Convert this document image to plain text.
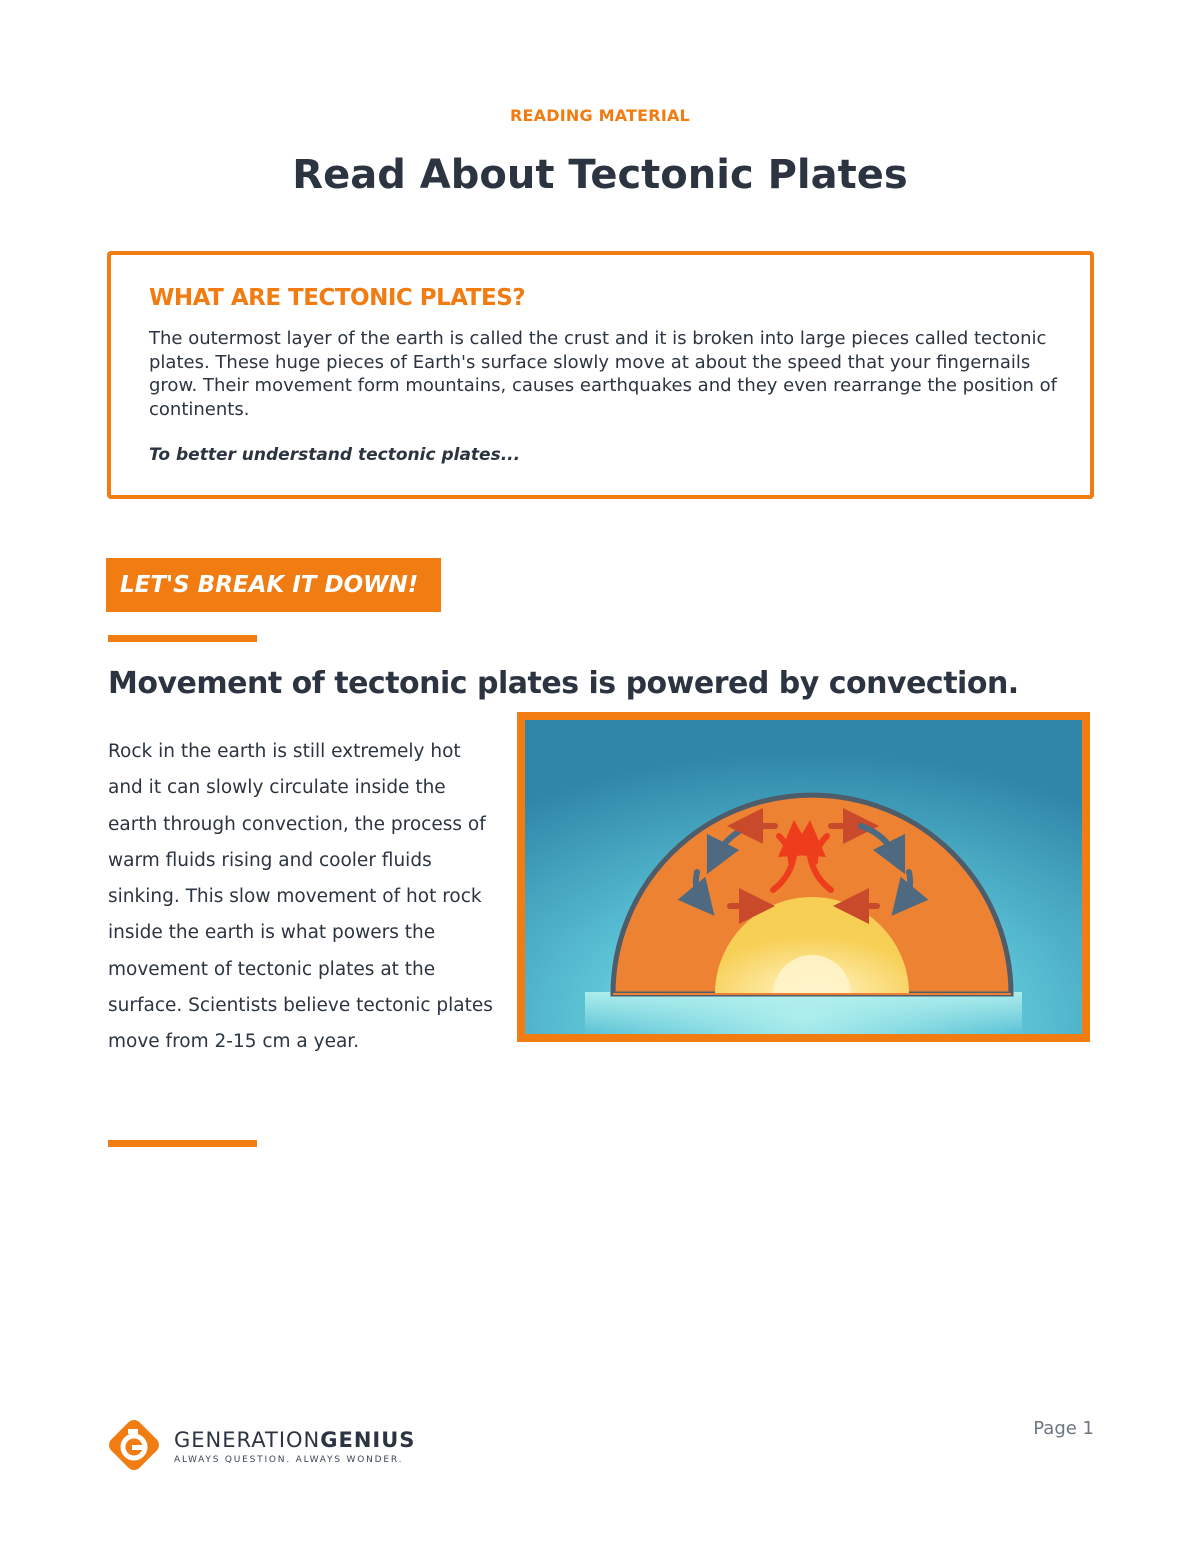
READING MATERIAL
Read About Tectonic Plates
WHAT ARE TECTONIC PLATES?

The outermost layer of the earth is called the crust and it is broken into large pieces called tectonic plates. These huge pieces of Earth's surface slowly move at about the speed that your fingernails grow. Their movement form mountains, causes earthquakes and they even rearrange the position of continents.

To better understand tectonic plates...

LET'S BREAK IT DOWN!
Movement of tectonic plates is powered by convection.

Rock in the earth is still extremely hot and it can slowly circulate inside the earth through convection, the process of warm fluids rising and cooler fluids sinking. This slow movement of hot rock inside the earth is what powers the movement of tectonic plates at the surface. Scientists believe tectonic plates move from 2-15 cm a year.

GENERATIONGENIUS
ALWAYS QUESTION. ALWAYS WONDER.
Page 1
